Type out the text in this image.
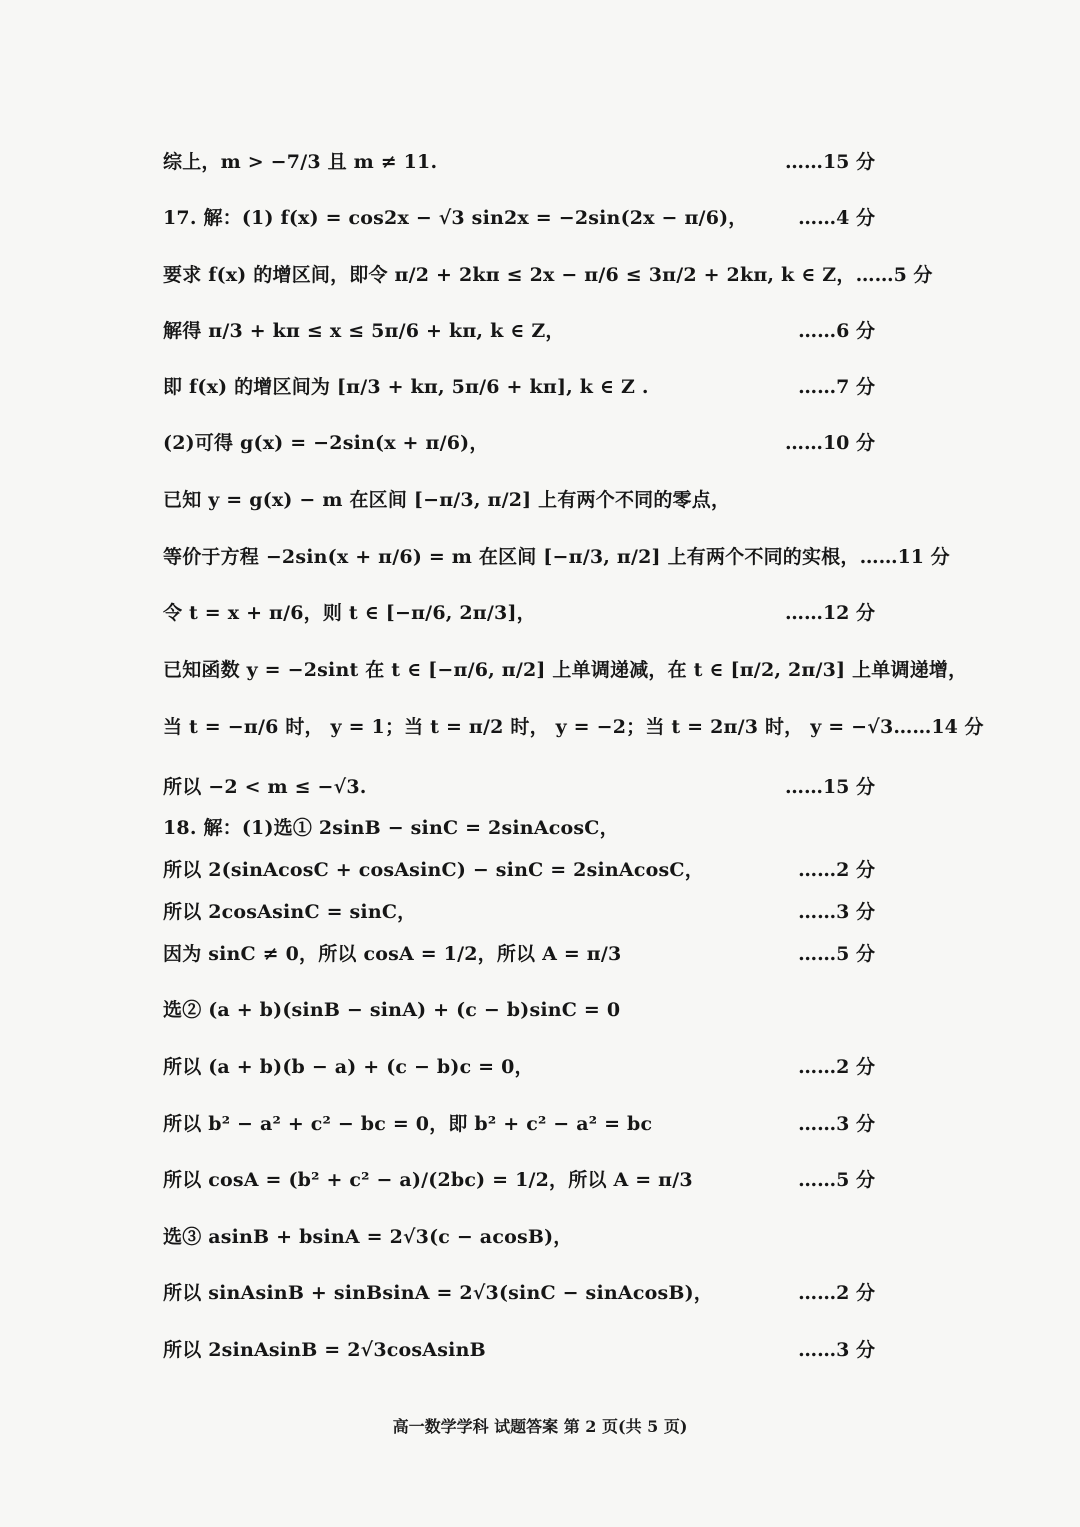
综上，m > −7/3 且 m ≠ 11.	……15 分
17. 解：(1) f(x) = cos2x − √3 sin2x = −2sin(2x − π/6)，	……4 分
要求 f(x) 的增区间，即令 π/2 + 2kπ ≤ 2x − π/6 ≤ 3π/2 + 2kπ, k ∈ Z， ……5 分
解得 π/3 + kπ ≤ x ≤ 5π/6 + kπ, k ∈ Z，	……6 分
即 f(x) 的增区间为 [π/3 + kπ, 5π/6 + kπ], k ∈ Z .	……7 分
(2)可得 g(x) = −2sin(x + π/6)，	……10 分
已知 y = g(x) − m 在区间 [−π/3, π/2] 上有两个不同的零点，
等价于方程 −2sin(x + π/6) = m 在区间 [−π/3, π/2] 上有两个不同的实根， ……11 分
令 t = x + π/6，则 t ∈ [−π/6, 2π/3]，	……12 分
已知函数 y = −2sint 在 t ∈ [−π/6, π/2] 上单调递减，在 t ∈ [π/2, 2π/3] 上单调递增，
当 t = −π/6 时， y = 1；当 t = π/2 时， y = −2；当 t = 2π/3 时， y = −√3 ……14 分
所以 −2 < m ≤ −√3.	……15 分
18. 解：(1)选① 2sinB − sinC = 2sinAcosC，
所以 2(sinAcosC + cosAsinC) − sinC = 2sinAcosC，	……2 分
所以 2cosAsinC = sinC，	……3 分
因为 sinC ≠ 0，所以 cosA = 1/2，所以 A = π/3	……5 分
选② (a + b)(sinB − sinA) + (c − b)sinC = 0
所以 (a + b)(b − a) + (c − b)c = 0，	……2 分
所以 b² − a² + c² − bc = 0，即 b² + c² − a² = bc	……3 分
所以 cosA = (b² + c² − a)/(2bc) = 1/2，所以 A = π/3	……5 分
选③ asinB + bsinA = 2√3(c − acosB)，
所以 sinAsinB + sinBsinA = 2√3(sinC − sinAcosB)，	……2 分
所以 2sinAsinB = 2√3cosAsinB	……3 分
高一数学学科 试题答案 第 2 页(共 5 页)
